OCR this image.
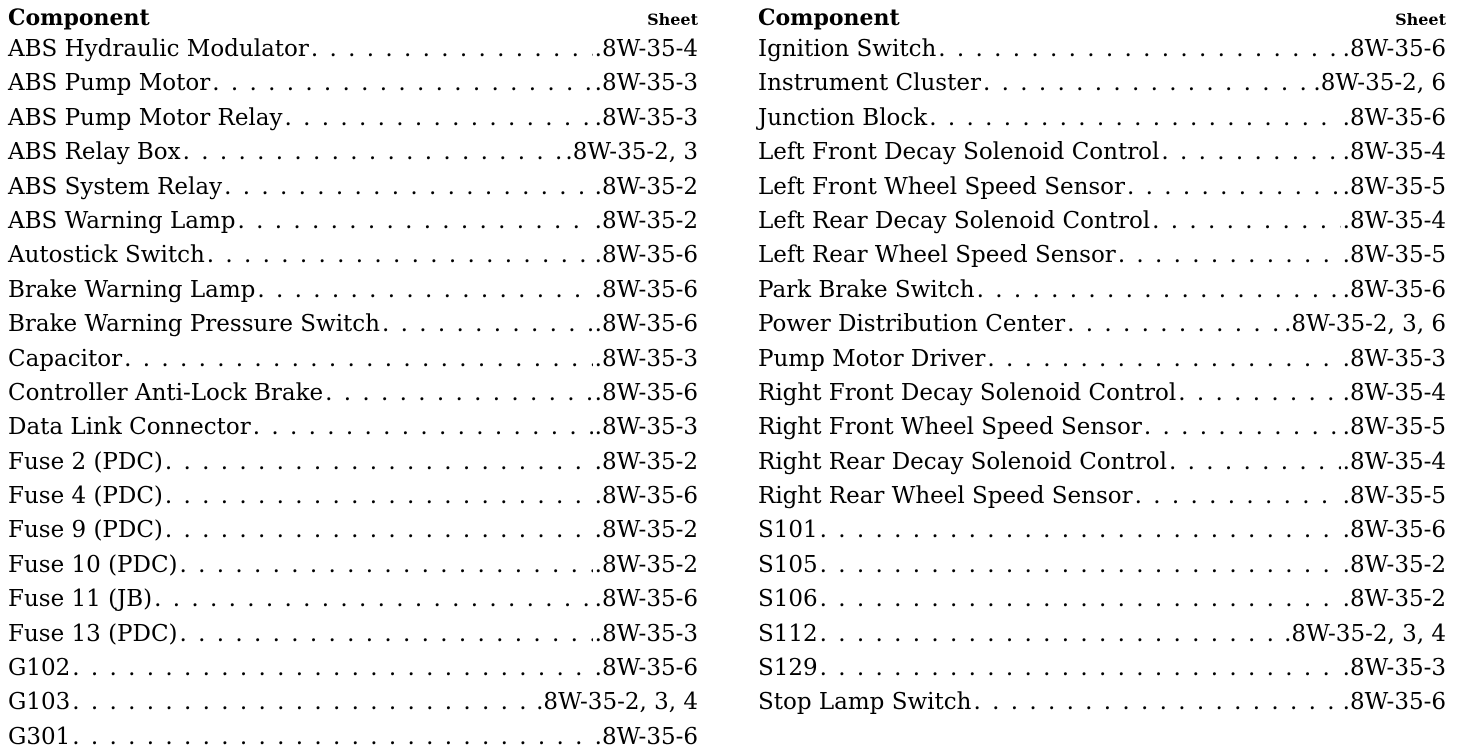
Component	Sheet
ABS Hydraulic Modulator . . .	.8W-35-4
ABS Pump Motor . . .	.8W-35-3
ABS Pump Motor Relay . . .	.8W-35-3
ABS Relay Box . . .	.8W-35-2, 3
ABS System Relay . . .	.8W-35-2
ABS Warning Lamp . . .	.8W-35-2
Autostick Switch . . .	.8W-35-6
Brake Warning Lamp . . .	.8W-35-6
Brake Warning Pressure Switch . . .	.8W-35-6
Capacitor . . .	.8W-35-3
Controller Anti-Lock Brake . . .	.8W-35-6
Data Link Connector . . .	.8W-35-3
Fuse 2 (PDC) . . .	.8W-35-2
Fuse 4 (PDC) . . .	.8W-35-6
Fuse 9 (PDC) . . .	.8W-35-2
Fuse 10 (PDC) . . .	.8W-35-2
Fuse 11 (JB) . . .	.8W-35-6
Fuse 13 (PDC) . . .	.8W-35-3
G102 . . .	.8W-35-6
G103 . . .	.8W-35-2, 3, 4
G301 . . .	.8W-35-6
Component	Sheet
Ignition Switch . . .	.8W-35-6
Instrument Cluster . . .	.8W-35-2, 6
Junction Block . . .	.8W-35-6
Left Front Decay Solenoid Control . . .	.8W-35-4
Left Front Wheel Speed Sensor . . .	.8W-35-5
Left Rear Decay Solenoid Control . . .	.8W-35-4
Left Rear Wheel Speed Sensor . . .	.8W-35-5
Park Brake Switch . . .	.8W-35-6
Power Distribution Center . . .	.8W-35-2, 3, 6
Pump Motor Driver . . .	.8W-35-3
Right Front Decay Solenoid Control . . .	.8W-35-4
Right Front Wheel Speed Sensor . . .	.8W-35-5
Right Rear Decay Solenoid Control . . .	.8W-35-4
Right Rear Wheel Speed Sensor . . .	.8W-35-5
S101 . . .	.8W-35-6
S105 . . .	.8W-35-2
S106 . . .	.8W-35-2
S112 . . .	.8W-35-2, 3, 4
S129 . . .	.8W-35-3
Stop Lamp Switch . . .	.8W-35-6
